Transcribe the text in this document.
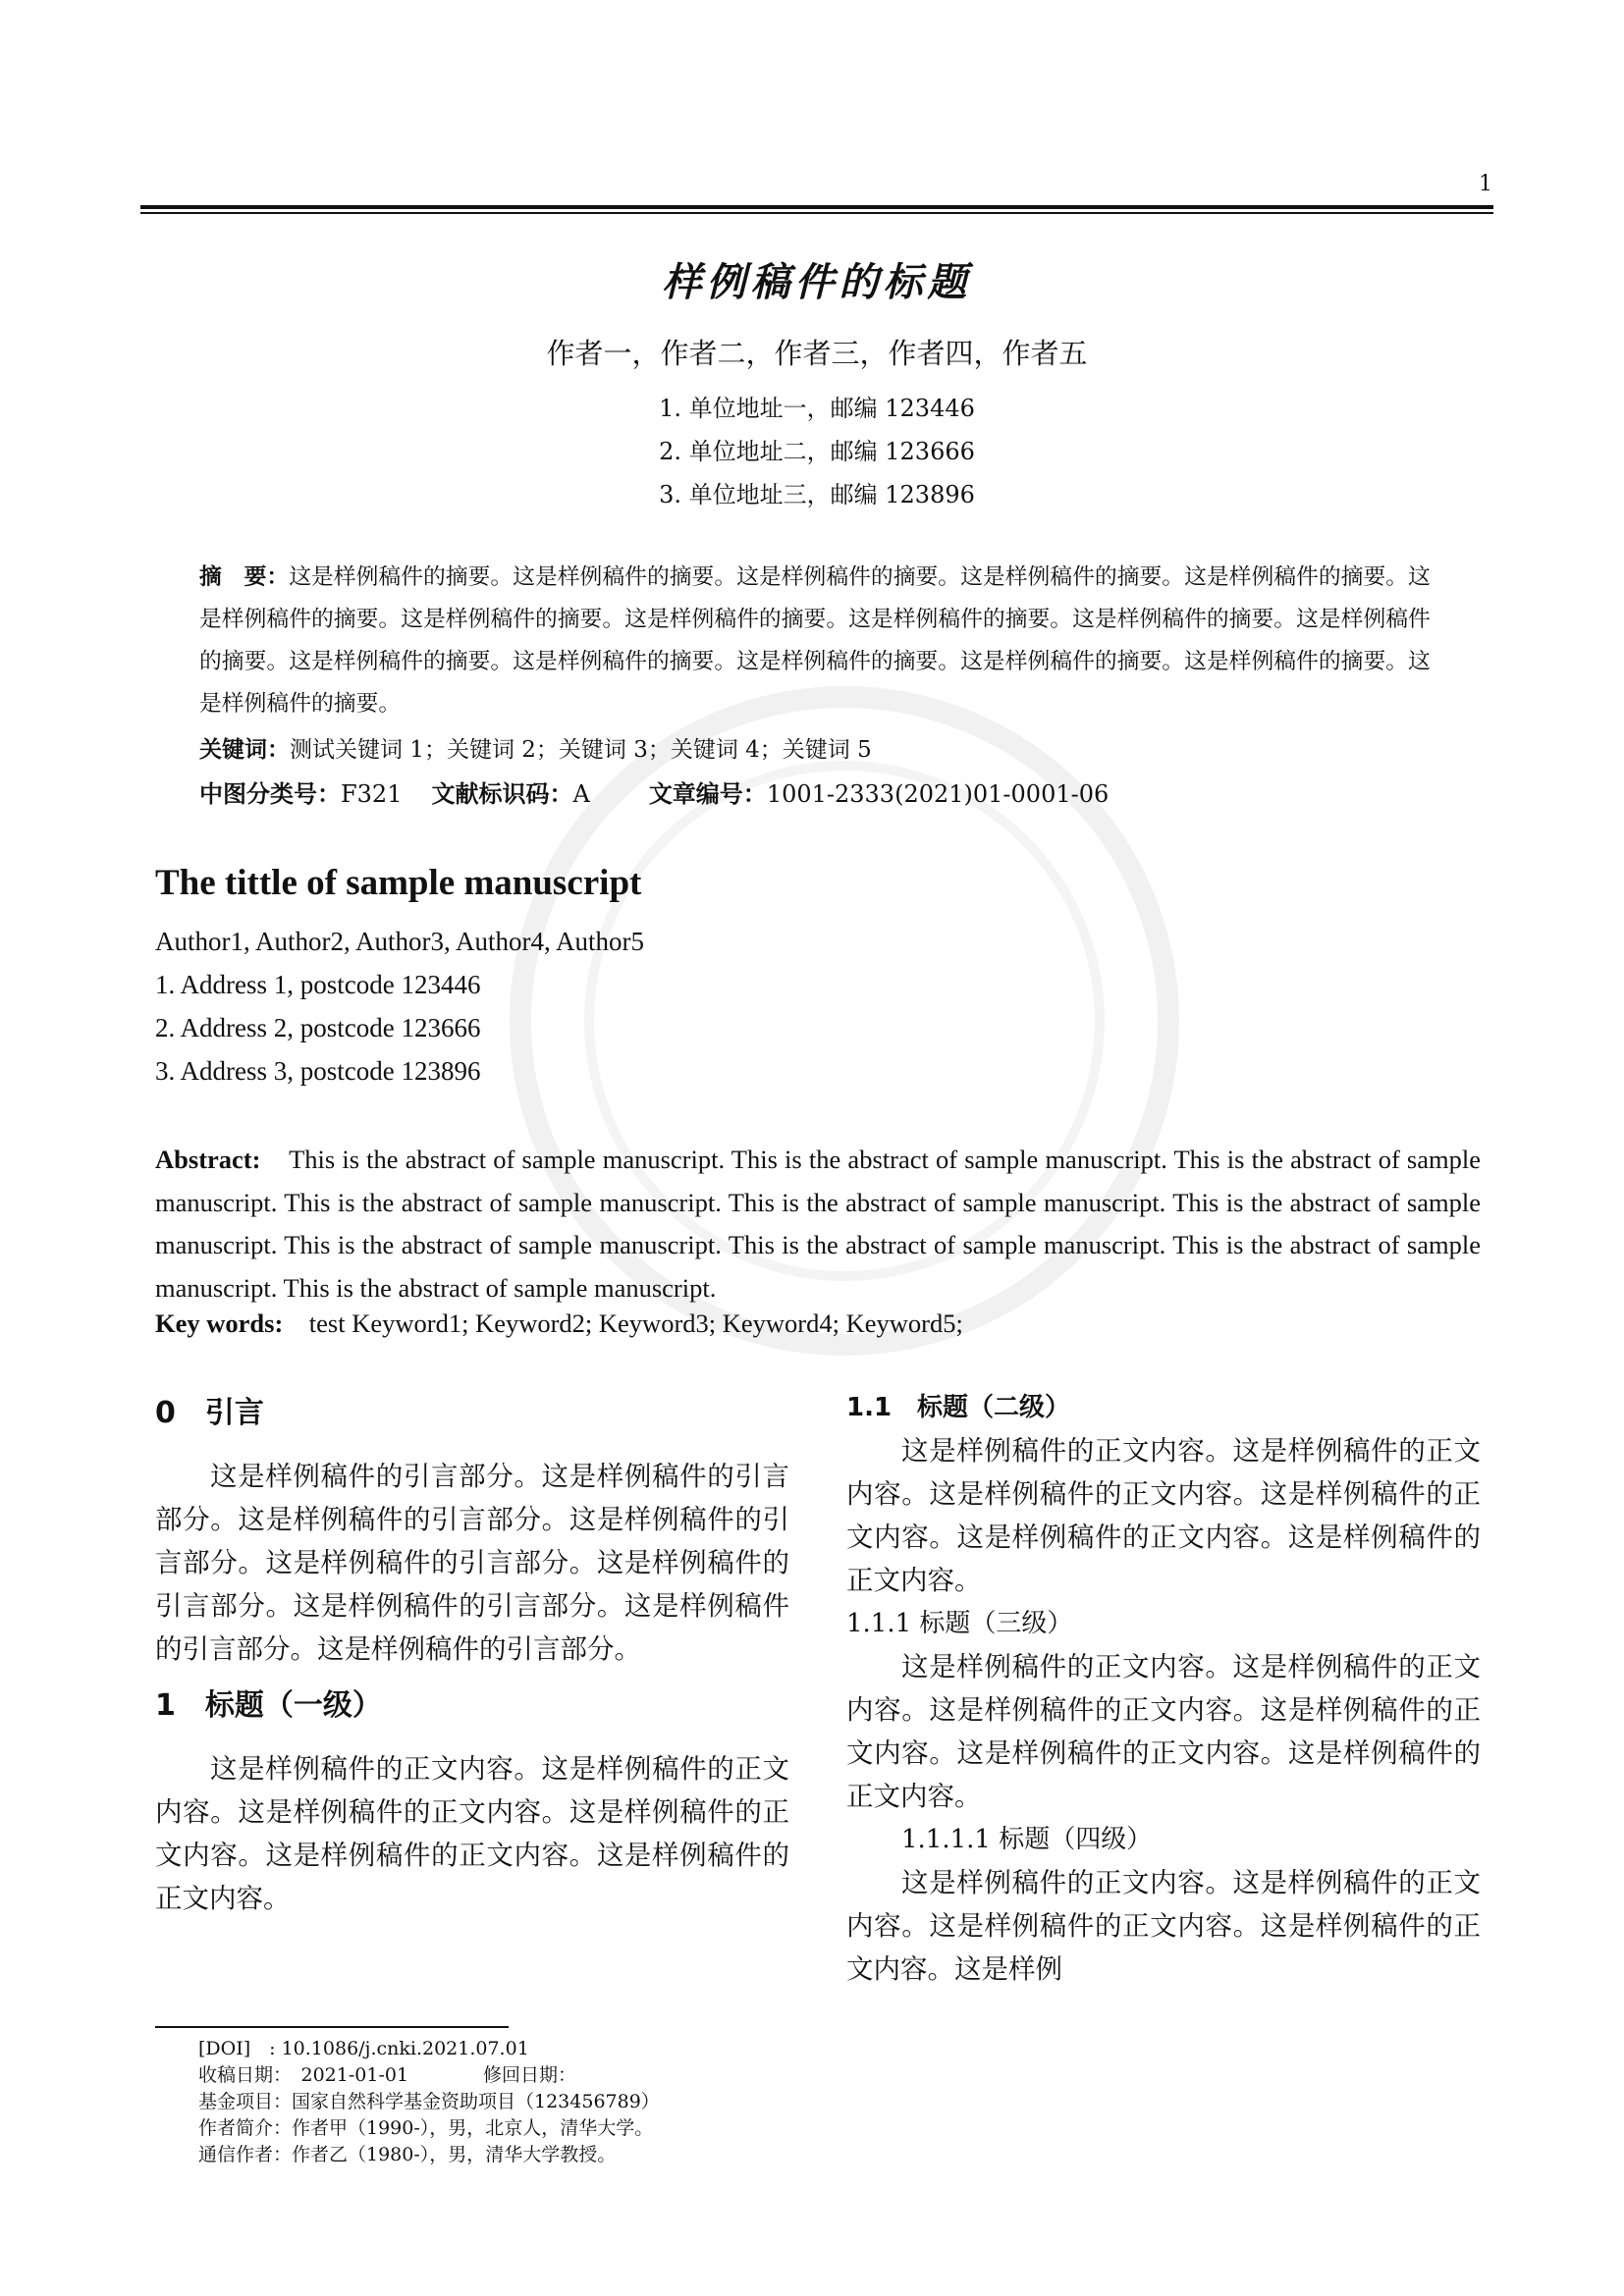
1
样例稿件的标题
作者一，作者二，作者三，作者四，作者五
1. 单位地址一，邮编 123446
2. 单位地址二，邮编 123666
3. 单位地址三，邮编 123896
摘　要：这是样例稿件的摘要。这是样例稿件的摘要。这是样例稿件的摘要。这是样例稿件的摘要。这是样例稿件的摘要。这是样例稿件的摘要。这是样例稿件的摘要。这是样例稿件的摘要。这是样例稿件的摘要。这是样例稿件的摘要。这是样例稿件的摘要。这是样例稿件的摘要。这是样例稿件的摘要。这是样例稿件的摘要。这是样例稿件的摘要。这是样例稿件的摘要。这是样例稿件的摘要。
关键词：测试关键词 1；关键词 2；关键词 3；关键词 4；关键词 5
中图分类号：F321 文献标识码：A	文章编号：1001-2333(2021)01-0001-06
The tittle of sample manuscript
Author1, Author2, Author3, Author4, Author5
1. Address 1, postcode 123446
2. Address 2, postcode 123666
3. Address 3, postcode 123896
Abstract: This is the abstract of sample manuscript. This is the abstract of sample manuscript. This is the abstract of sample manuscript. This is the abstract of sample manuscript. This is the abstract of sample manuscript. This is the abstract of sample manuscript. This is the abstract of sample manuscript. This is the abstract of sample manuscript. This is the abstract of sample manuscript. This is the abstract of sample manuscript.
Key words: test Keyword1; Keyword2; Keyword3; Keyword4; Keyword5;
0　引言
这是样例稿件的引言部分。这是样例稿件的引言部分。这是样例稿件的引言部分。这是样例稿件的引言部分。这是样例稿件的引言部分。这是样例稿件的引言部分。这是样例稿件的引言部分。这是样例稿件的引言部分。这是样例稿件的引言部分。
1　标题（一级）
这是样例稿件的正文内容。这是样例稿件的正文内容。这是样例稿件的正文内容。这是样例稿件的正文内容。这是样例稿件的正文内容。这是样例稿件的正文内容。
1.1　标题（二级）
这是样例稿件的正文内容。这是样例稿件的正文内容。这是样例稿件的正文内容。这是样例稿件的正文内容。这是样例稿件的正文内容。这是样例稿件的正文内容。
1.1.1 标题（三级）
这是样例稿件的正文内容。这是样例稿件的正文内容。这是样例稿件的正文内容。这是样例稿件的正文内容。这是样例稿件的正文内容。这是样例稿件的正文内容。
1.1.1.1 标题（四级）
这是样例稿件的正文内容。这是样例稿件的正文内容。这是样例稿件的正文内容。这是样例稿件的正文内容。这是样例
[DOI]　: 10.1086/j.cnki.2021.07.01
收稿日期：　2021-01-01　　　　修回日期：
基金项目：国家自然科学基金资助项目（123456789）
作者简介：作者甲（1990-），男，北京人，清华大学。
通信作者：作者乙（1980-），男，清华大学教授。
